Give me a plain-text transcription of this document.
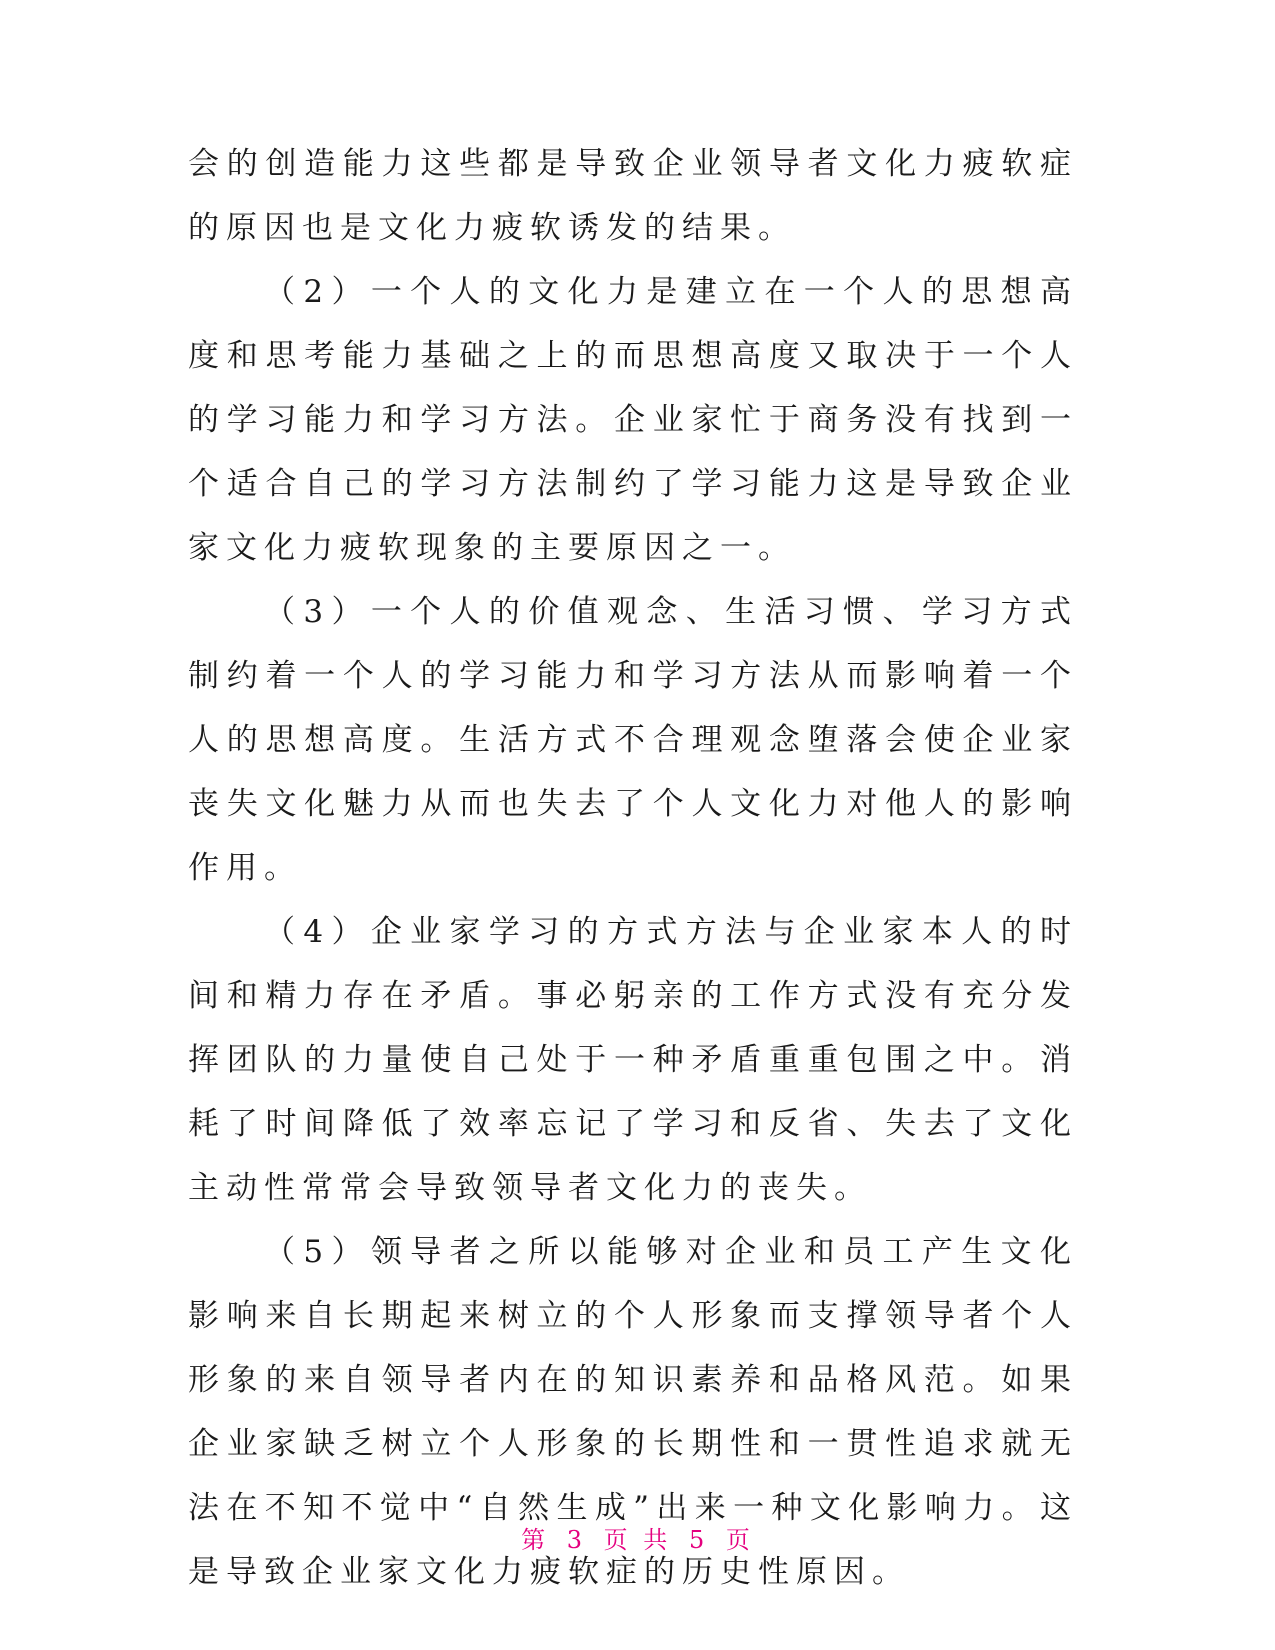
会的创造能力这些都是导致企业领导者文化力疲软症的原因也是文化力疲软诱发的结果。

（2）一个人的文化力是建立在一个人的思想高度和思考能力基础之上的而思想高度又取决于一个人的学习能力和学习方法。企业家忙于商务没有找到一个适合自己的学习方法制约了学习能力这是导致企业家文化力疲软现象的主要原因之一。

（3）一个人的价值观念、生活习惯、学习方式制约着一个人的学习能力和学习方法从而影响着一个人的思想高度。生活方式不合理观念堕落会使企业家丧失文化魅力从而也失去了个人文化力对他人的影响作用。

（4）企业家学习的方式方法与企业家本人的时间和精力存在矛盾。事必躬亲的工作方式没有充分发挥团队的力量使自己处于一种矛盾重重包围之中。消耗了时间降低了效率忘记了学习和反省、失去了文化主动性常常会导致领导者文化力的丧失。

（5）领导者之所以能够对企业和员工产生文化影响来自长期起来树立的个人形象而支撑领导者个人形象的来自领导者内在的知识素养和品格风范。如果企业家缺乏树立个人形象的长期性和一贯性追求就无法在不知不觉中“自然生成”出来一种文化影响力。这是导致企业家文化力疲软症的历史性原因。

第 3 页 共 5 页
